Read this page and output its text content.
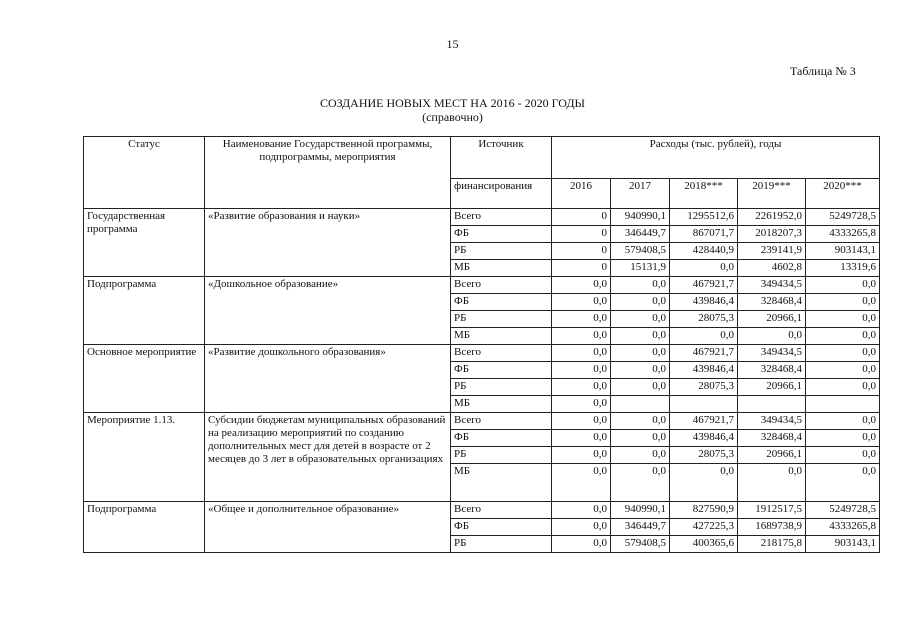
15
Таблица № 3
СОЗДАНИЕ НОВЫХ МЕСТ НА 2016 - 2020 ГОДЫ
(справочно)
Статус	Наименование Государственной программы, подпрограммы, мероприятия	Источник	Расходы (тыс. рублей), годы				
		финансирования	2016	2017	2018***	2019***	2020***
Государственная программа	«Развитие образования и науки»	Всего	0	940990,1	1295512,6	2261952,0	5249728,5
		ФБ	0	346449,7	867071,7	2018207,3	4333265,8
		РБ	0	579408,5	428440,9	239141,9	903143,1
		МБ	0	15131,9	0,0	4602,8	13319,6
Подпрограмма	«Дошкольное образование»	Всего	0,0	0,0	467921,7	349434,5	0,0
		ФБ	0,0	0,0	439846,4	328468,4	0,0
		РБ	0,0	0,0	28075,3	20966,1	0,0
		МБ	0,0	0,0	0,0	0,0	0,0
Основное мероприятие	«Развитие дошкольного образования»	Всего	0,0	0,0	467921,7	349434,5	0,0
		ФБ	0,0	0,0	439846,4	328468,4	0,0
		РБ	0,0	0,0	28075,3	20966,1	0,0
		МБ	0,0				
Мероприятие 1.13.	Субсидии бюджетам муниципальных образований на реализацию мероприятий по созданию дополнительных мест для детей в возрасте от 2 месяцев до 3 лет в образовательных организациях	Всего	0,0	0,0	467921,7	349434,5	0,0
		ФБ	0,0	0,0	439846,4	328468,4	0,0
		РБ	0,0	0,0	28075,3	20966,1	0,0
		МБ	0,0	0,0	0,0	0,0	0,0

Подпрограмма	«Общее и дополнительное образование»	Всего	0,0	940990,1	827590,9	1912517,5	5249728,5
		ФБ	0,0	346449,7	427225,3	1689738,9	4333265,8
		РБ	0,0	579408,5	400365,6	218175,8	903143,1
